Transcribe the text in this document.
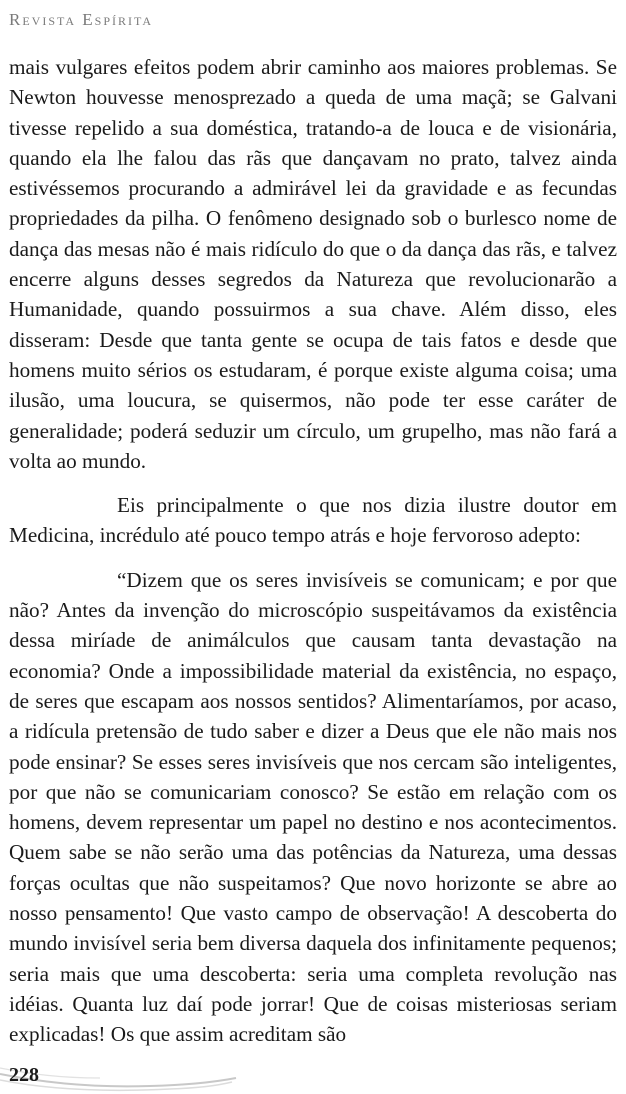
Revista Espírita

mais vulgares efeitos podem abrir caminho aos maiores problemas. Se Newton houvesse menosprezado a queda de uma maçã; se Galvani tivesse repelido a sua doméstica, tratando-a de louca e de visionária, quando ela lhe falou das rãs que dançavam no prato, talvez ainda estivéssemos procurando a admirável lei da gravidade e as fecundas propriedades da pilha. O fenômeno designado sob o burlesco nome de dança das mesas não é mais ridículo do que o da dança das rãs, e talvez encerre alguns desses segredos da Natureza que revolucionarão a Humanidade, quando possuirmos a sua chave. Além disso, eles disseram: Desde que tanta gente se ocupa de tais fatos e desde que homens muito sérios os estudaram, é porque existe alguma coisa; uma ilusão, uma loucura, se quisermos, não pode ter esse caráter de generalidade; poderá seduzir um círculo, um grupelho, mas não fará a volta ao mundo.

Eis principalmente o que nos dizia ilustre doutor em Medicina, incrédulo até pouco tempo atrás e hoje fervoroso adepto:

“Dizem que os seres invisíveis se comunicam; e por que não? Antes da invenção do microscópio suspeitávamos da existência dessa miríade de animálculos que causam tanta devastação na economia? Onde a impossibilidade material da existência, no espaço, de seres que escapam aos nossos sentidos? Alimentaríamos, por acaso, a ridícula pretensão de tudo saber e dizer a Deus que ele não mais nos pode ensinar? Se esses seres invisíveis que nos cercam são inteligentes, por que não se comunicariam conosco? Se estão em relação com os homens, devem representar um papel no destino e nos acontecimentos. Quem sabe se não serão uma das potências da Natureza, uma dessas forças ocultas que não suspeitamos? Que novo horizonte se abre ao nosso pensamento! Que vasto campo de observação! A descoberta do mundo invisível seria bem diversa daquela dos infinitamente pequenos; seria mais que uma descoberta: seria uma completa revolução nas idéias. Quanta luz daí pode jorrar! Que de coisas misteriosas seriam explicadas! Os que assim acreditam são

228
